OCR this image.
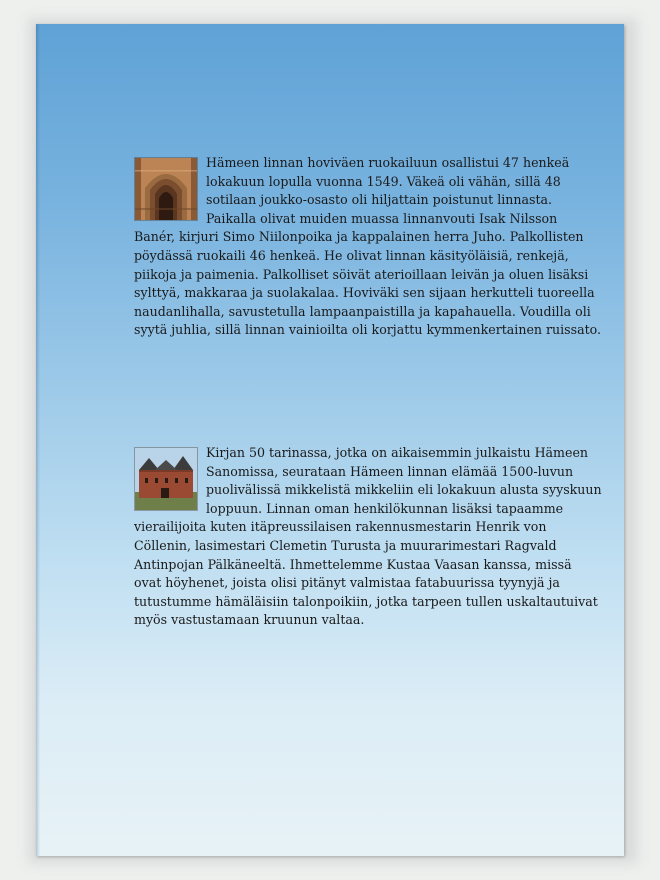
Hämeen linnan hoviväen ruokailuun osallistui 47 henkeä lokakuun lopulla vuonna 1549. Väkeä oli vähän, sillä 48 sotilaan joukko-osasto oli hiljattain poistunut linnasta. Paikalla olivat muiden muassa linnanvouti Isak Nilsson Banér, kirjuri Simo Niilonpoika ja kappalainen herra Juho. Palkollisten pöydässä ruokaili 46 henkeä. He olivat linnan käsityöläisiä, renkejä, piikoja ja paimenia. Palkolliset söivät aterioillaan leivän ja oluen lisäksi sylttyä, makkaraa ja suolakalaa. Hoviväki sen sijaan herkutteli tuoreella naudanlihalla, savustetulla lampaanpaistilla ja kapahauella. Voudilla oli syytä juhlia, sillä linnan vainioilta oli korjattu kymmenkertainen ruissato.
Kirjan 50 tarinassa, jotka on aikaisemmin julkaistu Hämeen Sanomissa, seurataan Hämeen linnan elämää 1500-luvun puolivälissä mikkelistä mikkeliin eli lokakuun alusta syyskuun loppuun. Linnan oman henkilökunnan lisäksi tapaamme vierailijoita kuten itäpreussilaisen rakennusmestarin Henrik von Cöllenin, lasimestari Clemetin Turusta ja muurarimestari Ragvald Antinpojan Pälkäneeltä. Ihmettelemme Kustaa Vaasan kanssa, missä ovat höyhenet, joista olisi pitänyt valmistaa fatabuurissa tyynyjä ja tutustumme hämäläisiin talonpoikiin, jotka tarpeen tullen uskaltautuivat myös vastustamaan kruunun valtaa.
